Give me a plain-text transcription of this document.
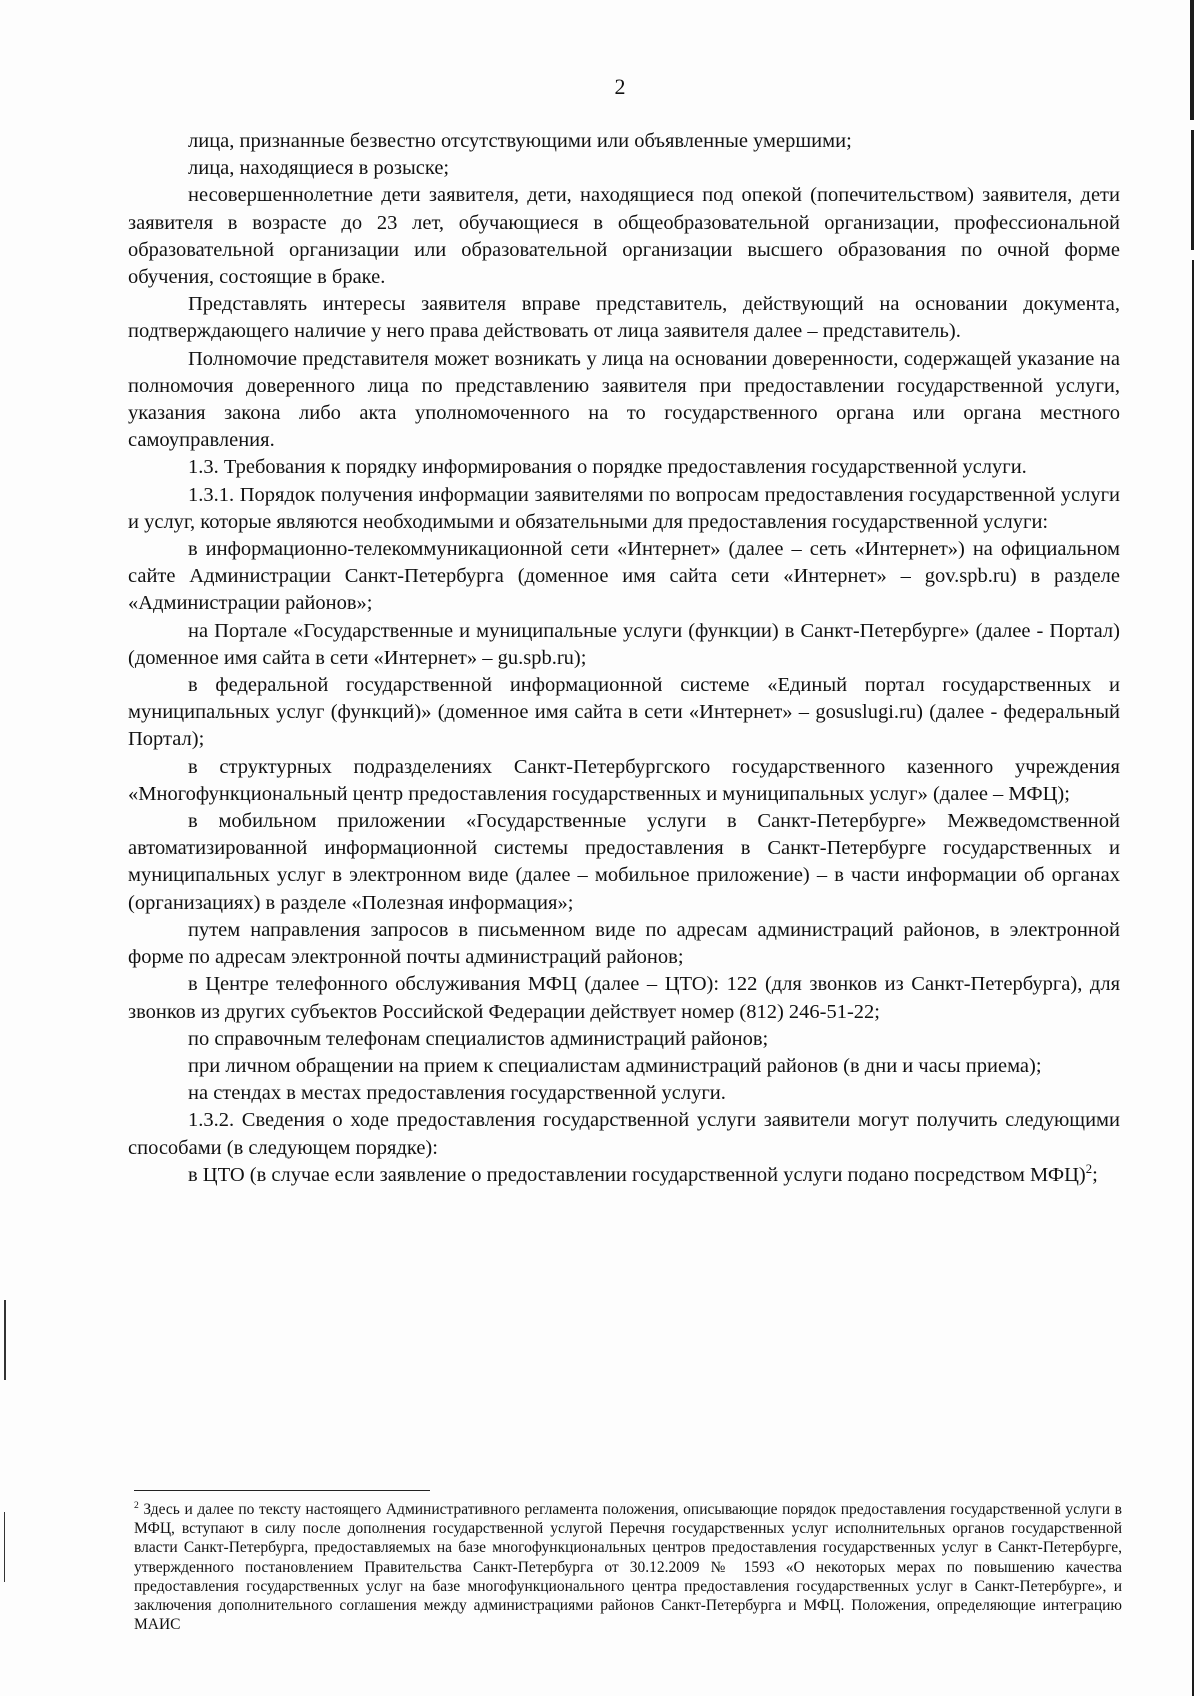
2

лица, признанные безвестно отсутствующими или объявленные умершими;

лица, находящиеся в розыске;

несовершеннолетние дети заявителя, дети, находящиеся под опекой (попечительством) заявителя, дети заявителя в возрасте до 23 лет, обучающиеся в общеобразовательной организации, профессиональной образовательной организации или образовательной организации высшего образования по очной форме обучения, состоящие в браке.

Представлять интересы заявителя вправе представитель, действующий на основании документа, подтверждающего наличие у него права действовать от лица заявителя далее – представитель).

Полномочие представителя может возникать у лица на основании доверенности, содержащей указание на полномочия доверенного лица по представлению заявителя при предоставлении государственной услуги, указания закона либо акта уполномоченного на то государственного органа или органа местного самоуправления.

1.3. Требования к порядку информирования о порядке предоставления государственной услуги.

1.3.1. Порядок получения информации заявителями по вопросам предоставления государственной услуги и услуг, которые являются необходимыми и обязательными для предоставления государственной услуги:

в информационно-телекоммуникационной сети «Интернет» (далее – сеть «Интернет») на официальном сайте Администрации Санкт-Петербурга (доменное имя сайта сети «Интернет» – gov.spb.ru) в разделе «Администрации районов»;

на Портале «Государственные и муниципальные услуги (функции) в Санкт-Петербурге» (далее - Портал) (доменное имя сайта в сети «Интернет» – gu.spb.ru);

в федеральной государственной информационной системе «Единый портал государственных и муниципальных услуг (функций)» (доменное имя сайта в сети «Интернет» – gosuslugi.ru) (далее - федеральный Портал);

в структурных подразделениях Санкт-Петербургского государственного казенного учреждения «Многофункциональный центр предоставления государственных и муниципальных услуг» (далее – МФЦ);

в мобильном приложении «Государственные услуги в Санкт-Петербурге» Межведомственной автоматизированной информационной системы предоставления в Санкт-Петербурге государственных и муниципальных услуг в электронном виде (далее – мобильное приложение) – в части информации об органах (организациях) в разделе «Полезная информация»;

путем направления запросов в письменном виде по адресам администраций районов, в электронной форме по адресам электронной почты администраций районов;

в Центре телефонного обслуживания МФЦ (далее – ЦТО): 122 (для звонков из Санкт-Петербурга), для звонков из других субъектов Российской Федерации действует номер (812) 246-51-22;

по справочным телефонам специалистов администраций районов;

при личном обращении на прием к специалистам администраций районов (в дни и часы приема);

на стендах в местах предоставления государственной услуги.

1.3.2. Сведения о ходе предоставления государственной услуги заявители могут получить следующими способами (в следующем порядке):

в ЦТО (в случае если заявление о предоставлении государственной услуги подано посредством МФЦ)$^2$;

$^2$ Здесь и далее по тексту настоящего Административного регламента положения, описывающие порядок предоставления государственной услуги в МФЦ, вступают в силу после дополнения государственной услугой Перечня государственных услуг исполнительных органов государственной власти Санкт-Петербурга, предоставляемых на базе многофункциональных центров предоставления государственных услуг в Санкт-Петербурге, утвержденного постановлением Правительства Санкт-Петербурга от 30.12.2009 № 1593 «О некоторых мерах по повышению качества предоставления государственных услуг на базе многофункционального центра предоставления государственных услуг в Санкт-Петербурге», и заключения дополнительного соглашения между администрациями районов Санкт-Петербурга и МФЦ. Положения, определяющие интеграцию МАИС
